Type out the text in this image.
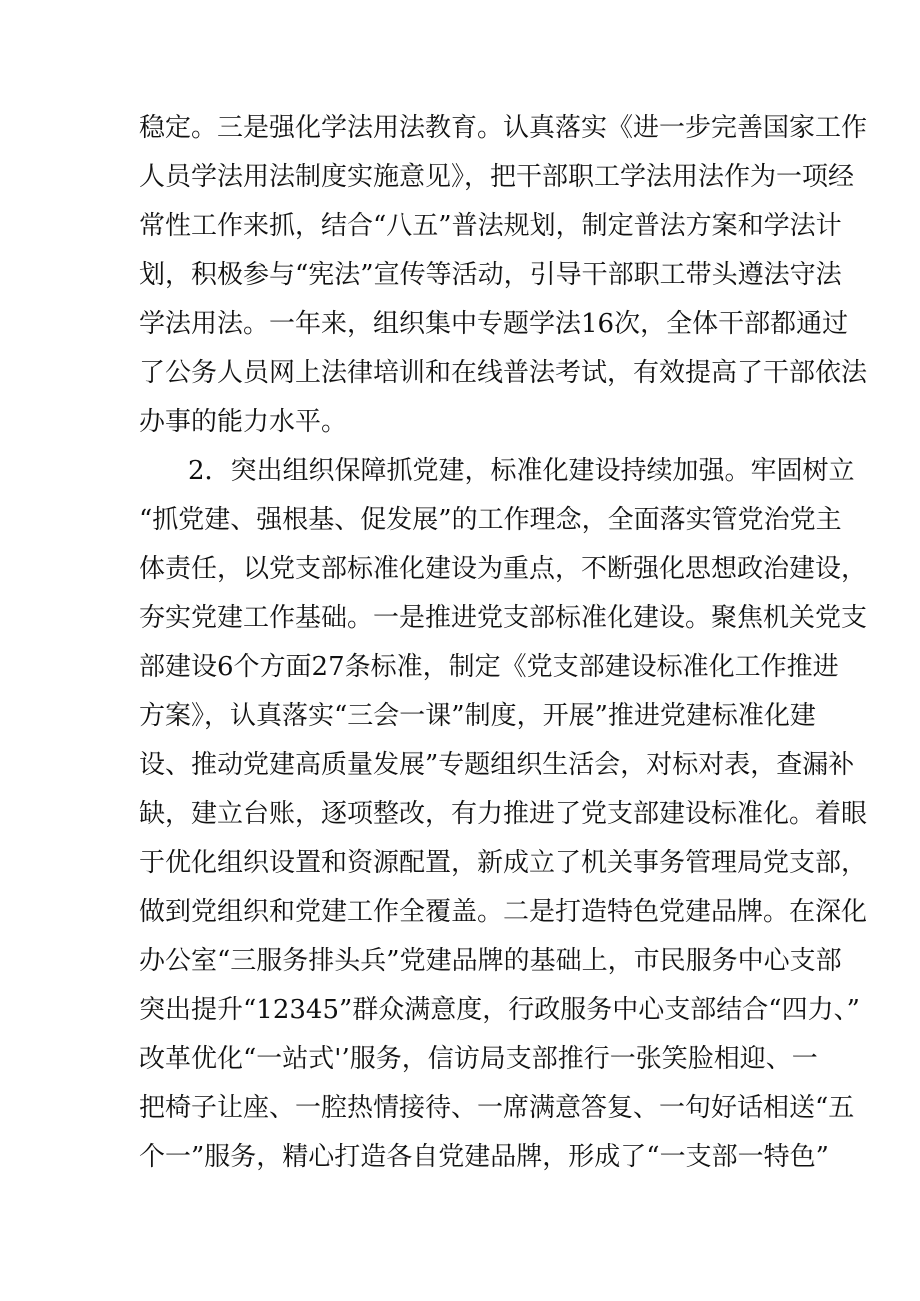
稳定。三是强化学法用法教育。认真落实《进一步完善国家工作
人员学法用法制度实施意见》，把干部职工学法用法作为一项经
常性工作来抓，结合“八五”普法规划，制定普法方案和学法计
划，积极参与“宪法”宣传等活动，引导干部职工带头遵法守法
学法用法。一年来，组织集中专题学法16次，全体干部都通过
了公务人员网上法律培训和在线普法考试，有效提高了干部依法
办事的能力水平。
2．突出组织保障抓党建，标准化建设持续加强。牢固树立
“抓党建、强根基、促发展”的工作理念，全面落实管党治党主
体责任，以党支部标准化建设为重点，不断强化思想政治建设，
夯实党建工作基础。一是推进党支部标准化建设。聚焦机关党支
部建设6个方面27条标准，制定《党支部建设标准化工作推进
方案》，认真落实“三会一课”制度，开展”推进党建标准化建
设、推动党建高质量发展”专题组织生活会，对标对表，查漏补
缺，建立台账，逐项整改，有力推进了党支部建设标准化。着眼
于优化组织设置和资源配置，新成立了机关事务管理局党支部，
做到党组织和党建工作全覆盖。二是打造特色党建品牌。在深化
办公室“三服务排头兵”党建品牌的基础上，市民服务中心支部
突出提升“12345”群众满意度，行政服务中心支部结合“四力、”
改革优化“一站式'’服务，信访局支部推行一张笑脸相迎、一
把椅子让座、一腔热情接待、一席满意答复、一句好话相送“五
个一”服务，精心打造各自党建品牌，形成了“一支部一特色”
